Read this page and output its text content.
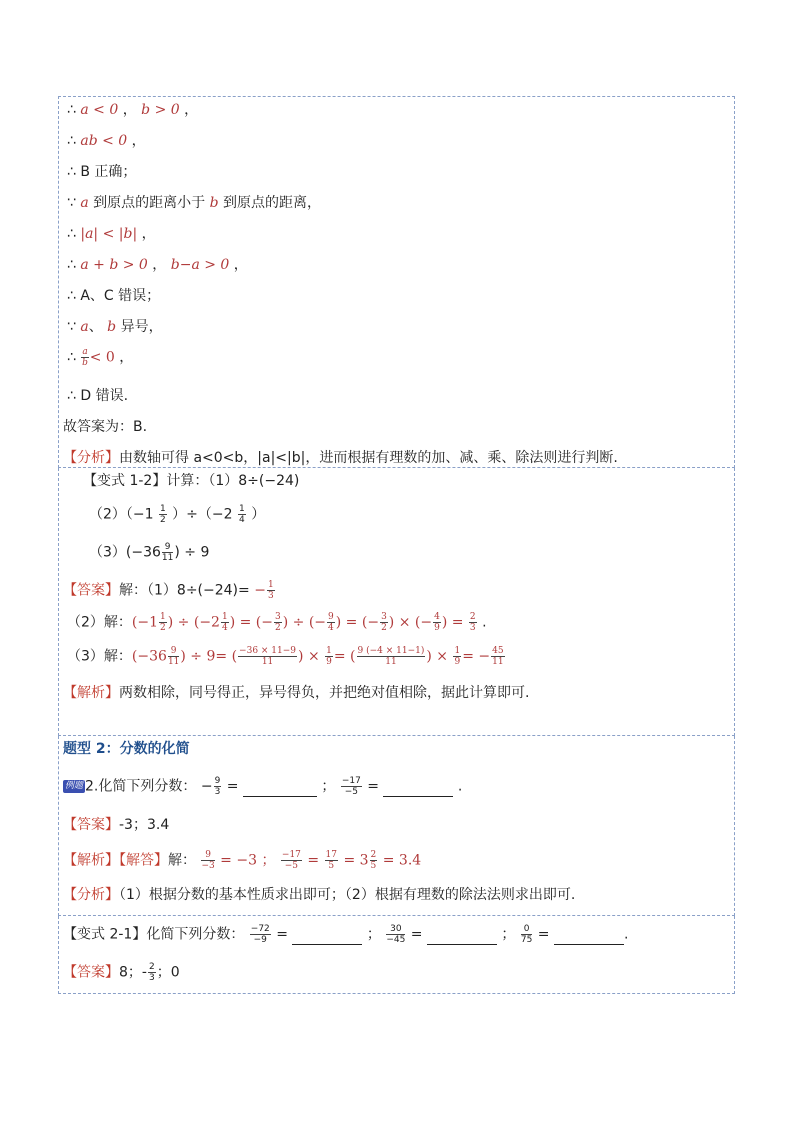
∴ a < 0 ， b > 0 ，
∴ ab < 0 ，
∴ B 正确；
∵ a 到原点的距离小于 b 到原点的距离，
∴ |a| < |b| ，
∴ a + b > 0 ， b−a > 0 ，
∴ A、C 错误；
∵ a、 b 异号，
∴ $\frac{a}{b} < 0$ ，
∴ D 错误.
故答案为：B.
【分析】由数轴可得 a<0<b，|a|<|b|，进而根据有理数的加、减、乘、除法则进行判断.
【变式 1-2】计算：（1）8÷(−24)
$(2)(-1 \frac{1}{2} )\div(-2 \frac{1}{4}$ ）
$(3)(-36 \frac{9}{11}$ ) ÷ 9
【答案】解：$(1)8\div(-24)= - \frac{1}{3}$
（2）解：($-1 \frac{1}{2}$ ) ÷ ($-2 \frac{1}{4}$ ) = (− $\frac{3}{2}$ ) ÷ (− $\frac{9}{4}$ ) = (− $\frac{3}{2}$ ) × (− $\frac{4}{9}$ ) = $\frac{2}{3}$ .
（3）解：($-36 \frac{9}{11}$ ) ÷ 9= ( $\frac{-36 \times 11-9}{11}$ ) × $\frac{1}{9}$ = ( $\frac{9 (-4 \times 11-1)}{11}$ ) × $\frac{1}{9}$ = − $\frac{45}{11}$
【解析】两数相除，同号得正，异号得负，并把绝对值相除，据此计算即可.
题型 2：分数的化简
例题 2.化简下列分数： − $\frac{9}{3}$ =	； $\frac{-17}{-5}$ =	.
【答案】-3；3.4
【解析】【解答】解： $\frac{9}{-3} = -3$ ； $\frac{-17}{-5} = \frac{17}{5} = 3 \frac{2}{5} = 3.4$
【分析】（1）根据分数的基本性质求出即可；（2）根据有理数的除法法则求出即可.
【变式 2-1】化简下列分数： $\frac{-72}{-9}$ =	； $\frac{30}{-45}$ =	； $\frac{0}{75}$ =	.
【答案】8；- $\frac{2}{3}$ ；0
